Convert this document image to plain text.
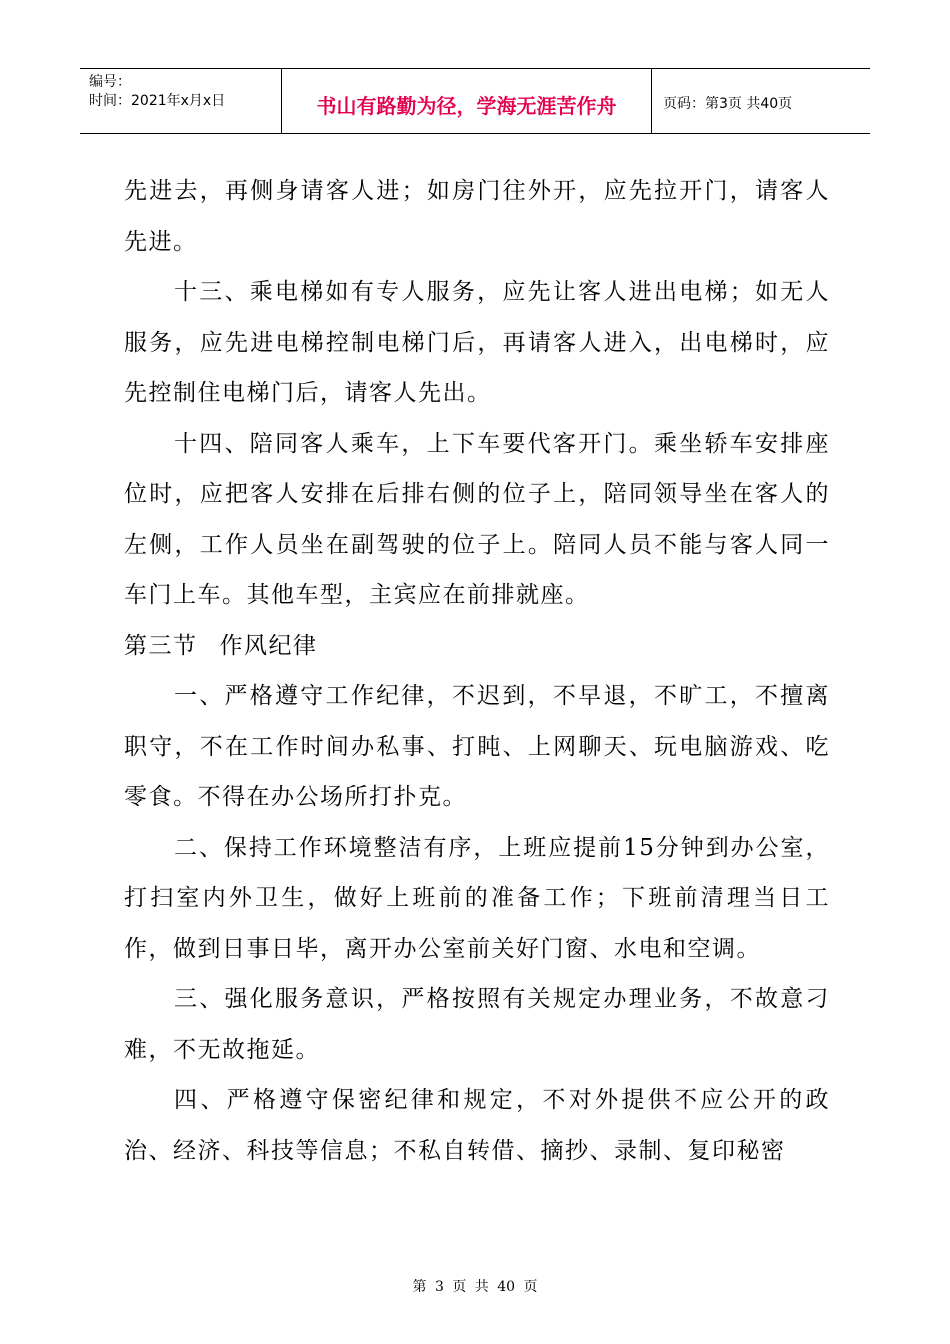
编号：
时间：2021年x月x日	书山有路勤为径，学海无涯苦作舟	页码：第3页 共40页

先进去，再侧身请客人进；如房门往外开，应先拉开门，请客人先进。

十三、乘电梯如有专人服务，应先让客人进出电梯；如无人服务，应先进电梯控制电梯门后，再请客人进入，出电梯时，应先控制住电梯门后，请客人先出。

十四、陪同客人乘车，上下车要代客开门。乘坐轿车安排座位时，应把客人安排在后排右侧的位子上，陪同领导坐在客人的左侧，工作人员坐在副驾驶的位子上。陪同人员不能与客人同一车门上车。其他车型，主宾应在前排就座。

第三节 作风纪律

一、严格遵守工作纪律，不迟到，不早退，不旷工，不擅离职守，不在工作时间办私事、打盹、上网聊天、玩电脑游戏、吃零食。不得在办公场所打扑克。

二、保持工作环境整洁有序，上班应提前15分钟到办公室，打扫室内外卫生，做好上班前的准备工作；下班前清理当日工作，做到日事日毕，离开办公室前关好门窗、水电和空调。

三、强化服务意识，严格按照有关规定办理业务，不故意刁难，不无故拖延。

四、严格遵守保密纪律和规定，不对外提供不应公开的政治、经济、科技等信息；不私自转借、摘抄、录制、复印秘密

第 3 页 共 40 页
